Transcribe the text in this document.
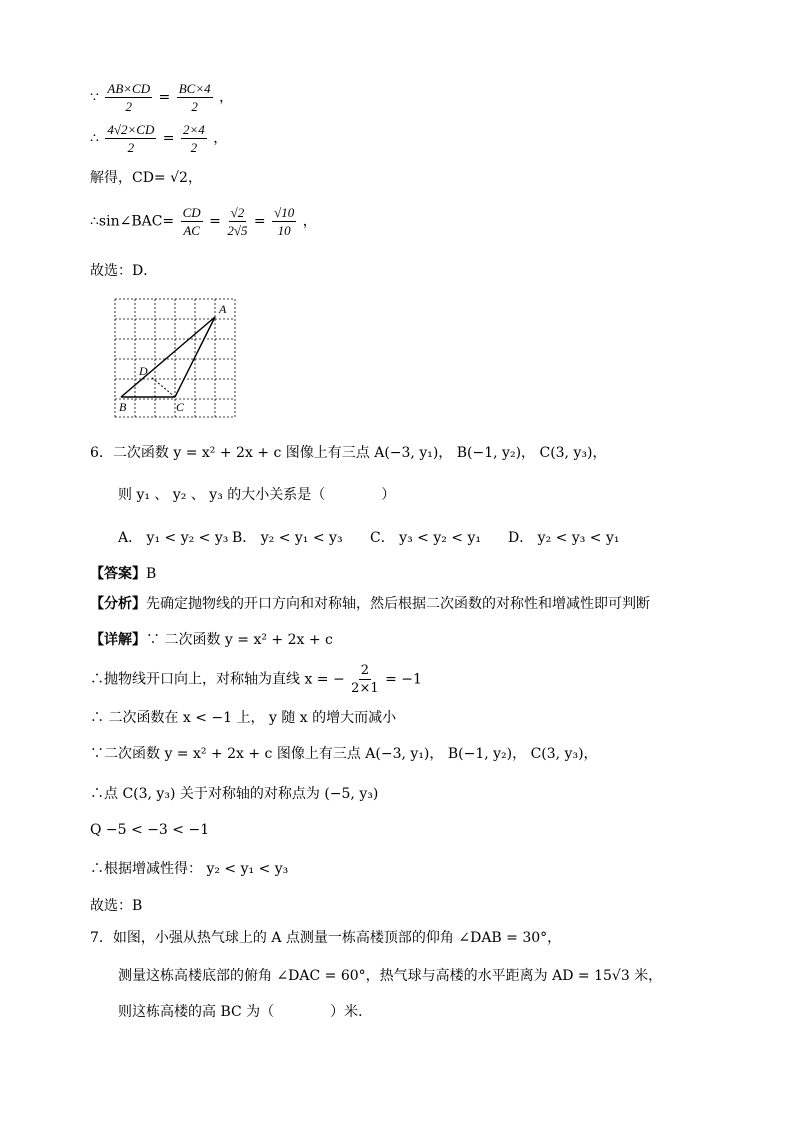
∵ $\frac{AB\times CD}{2} = \frac{BC\times 4}{2}$ ，
∴ $\frac{4√2\times CD}{2} = \frac{2\times 4}{2}$ ，
解得，CD= √2，
∴sin∠BAC= $\frac{CD}{AC} = \frac{√2}{2√5} = \frac{√10}{10}$ ，
故选：D．
A
D
B	C
6．二次函数 y = x² + 2x + c 图像上有三点 A(−3, y₁)， B(−1, y₂)， C(3, y₃)，
则 y₁ 、 y₂ 、 y₃ 的大小关系是（　　　　）
A． y₁ < y₂ < y₃ B． y₂ < y₁ < y₃ C． y₃ < y₂ < y₁ D． y₂ < y₃ < y₁
【答案】B
【分析】先确定抛物线的开口方向和对称轴，然后根据二次函数的对称性和增减性即可判断
【详解】∵ 二次函数 y = x² + 2x + c
∴抛物线开口向上，对称轴为直线 x = − $\frac{2}{2\times 1} = -1$
∴ 二次函数在 x < −1 上， y 随 x 的增大而减小
∵二次函数 y = x² + 2x + c 图像上有三点 A(−3, y₁)， B(−1, y₂)， C(3, y₃)，
∴点 C(3, y₃) 关于对称轴的对称点为 (−5, y₃)
Q −5 < −3 < −1
∴根据增减性得： y₂ < y₁ < y₃
故选：B
7．如图，小强从热气球上的 A 点测量一栋高楼顶部的仰角 ∠DAB = 30°，
测量这栋高楼底部的俯角 ∠DAC = 60°，热气球与高楼的水平距离为 AD = 15√3 米，
则这栋高楼的高 BC 为（　　　　）米．
